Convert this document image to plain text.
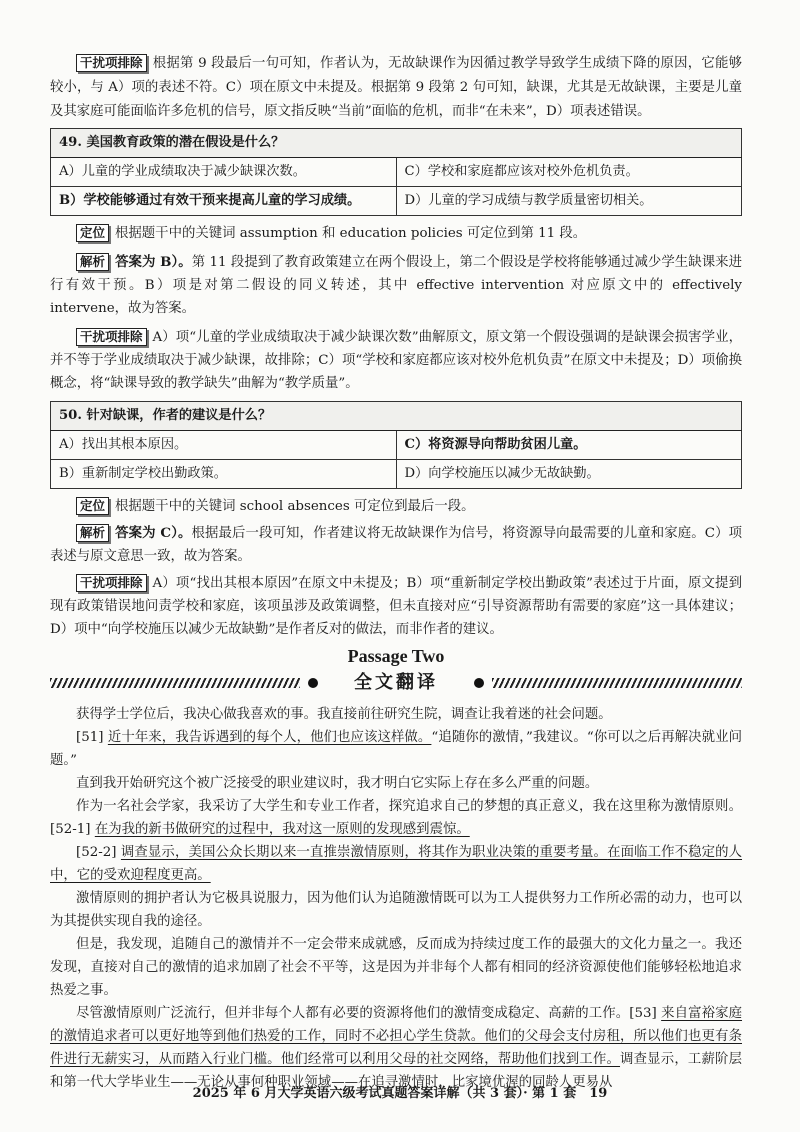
干扰项排除 根据第 9 段最后一句可知，作者认为，无故缺课作为因循过教学导致学生成绩下降的原因，它能够较小，与 A）项的表述不符。C）项在原文中未提及。根据第 9 段第 2 句可知，缺课，尤其是无故缺课，主要是儿童及其家庭可能面临许多危机的信号，原文指反映“当前”面临的危机，而非“在未来”，D）项表述错误。

49. 美国教育政策的潜在假设是什么？	
A）儿童的学业成绩取决于减少缺课次数。	C）学校和家庭都应该对校外危机负责。
B）学校能够通过有效干预来提高儿童的学习成绩。	D）儿童的学习成绩与教学质量密切相关。

定位 根据题干中的关键词 assumption 和 education policies 可定位到第 11 段。

解析 答案为 B）。第 11 段提到了教育政策建立在两个假设上，第二个假设是学校将能够通过减少学生缺课来进行有效干预。B）项是对第二假设的同义转述，其中 effective intervention 对应原文中的 effectively intervene，故为答案。

干扰项排除 A）项“儿童的学业成绩取决于减少缺课次数”曲解原文，原文第一个假设强调的是缺课会损害学业，并不等于学业成绩取决于减少缺课，故排除；C）项“学校和家庭都应该对校外危机负责”在原文中未提及；D）项偷换概念，将“缺课导致的教学缺失”曲解为“教学质量”。

50. 针对缺课，作者的建议是什么？	
A）找出其根本原因。	C）将资源导向帮助贫困儿童。
B）重新制定学校出勤政策。	D）向学校施压以减少无故缺勤。

定位 根据题干中的关键词 school absences 可定位到最后一段。

解析 答案为 C）。根据最后一段可知，作者建议将无故缺课作为信号，将资源导向最需要的儿童和家庭。C）项表述与原文意思一致，故为答案。

干扰项排除 A）项“找出其根本原因”在原文中未提及；B）项“重新制定学校出勤政策”表述过于片面，原文提到现有政策错误地问责学校和家庭，该项虽涉及政策调整，但未直接对应“引导资源帮助有需要的家庭”这一具体建议；D）项中“向学校施压以减少无故缺勤”是作者反对的做法，而非作者的建议。

Passage Two
全文翻译

获得学士学位后，我决心做我喜欢的事。我直接前往研究生院，调查让我着迷的社会问题。

[51] 近十年来，我告诉遇到的每个人，他们也应该这样做。“追随你的激情，”我建议。“你可以之后再解决就业问题。”

直到我开始研究这个被广泛接受的职业建议时，我才明白它实际上存在多么严重的问题。

作为一名社会学家，我采访了大学生和专业工作者，探究追求自己的梦想的真正意义，我在这里称为激情原则。[52-1] 在为我的新书做研究的过程中，我对这一原则的发现感到震惊。

[52-2] 调查显示，美国公众长期以来一直推崇激情原则，将其作为职业决策的重要考量。在面临工作不稳定的人中，它的受欢迎程度更高。

激情原则的拥护者认为它极具说服力，因为他们认为追随激情既可以为工人提供努力工作所必需的动力，也可以为其提供实现自我的途径。

但是，我发现，追随自己的激情并不一定会带来成就感，反而成为持续过度工作的最强大的文化力量之一。我还发现，直接对自己的激情的追求加剧了社会不平等，这是因为并非每个人都有相同的经济资源使他们能够轻松地追求热爱之事。

尽管激情原则广泛流行，但并非每个人都有必要的资源将他们的激情变成稳定、高薪的工作。[53] 来自富裕家庭的激情追求者可以更好地等到他们热爱的工作，同时不必担心学生贷款。他们的父母会支付房租，所以他们也更有条件进行无薪实习，从而踏入行业门槛。他们经常可以利用父母的社交网络，帮助他们找到工作。调查显示，工薪阶层和第一代大学毕业生——无论从事何种职业领域——在追寻激情时，比家境优渥的同龄人更易从

2025 年 6 月大学英语六级考试真题答案详解（共 3 套）· 第 1 套　19
